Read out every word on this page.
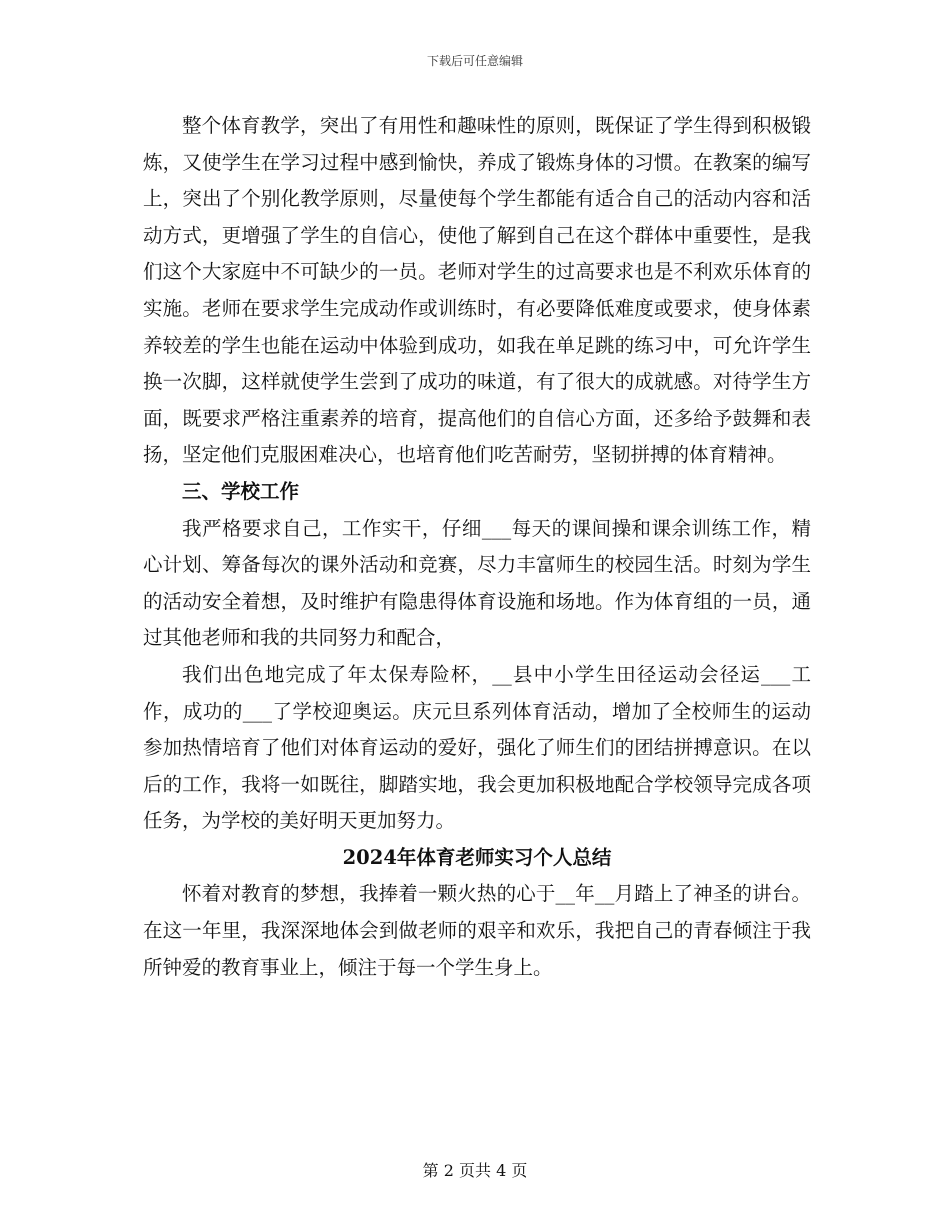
下载后可任意编辑

整个体育教学，突出了有用性和趣味性的原则，既保证了学生得到积极锻炼，又使学生在学习过程中感到愉快，养成了锻炼身体的习惯。在教案的编写上，突出了个别化教学原则，尽量使每个学生都能有适合自己的活动内容和活动方式，更增强了学生的自信心，使他了解到自己在这个群体中重要性，是我们这个大家庭中不可缺少的一员。老师对学生的过高要求也是不利欢乐体育的实施。老师在要求学生完成动作或训练时，有必要降低难度或要求，使身体素养较差的学生也能在运动中体验到成功，如我在单足跳的练习中，可允许学生换一次脚，这样就使学生尝到了成功的味道，有了很大的成就感。对待学生方面，既要求严格注重素养的培育，提高他们的自信心方面，还多给予鼓舞和表扬，坚定他们克服困难决心，也培育他们吃苦耐劳，坚韧拼搏的体育精神。

三、学校工作

我严格要求自己，工作实干，仔细___每天的课间操和课余训练工作，精心计划、筹备每次的课外活动和竞赛，尽力丰富师生的校园生活。时刻为学生的活动安全着想，及时维护有隐患得体育设施和场地。作为体育组的一员，通过其他老师和我的共同努力和配合，

我们出色地完成了年太保寿险杯，__县中小学生田径运动会径运___工作，成功的___了学校迎奥运。庆元旦系列体育活动，增加了全校师生的运动参加热情培育了他们对体育运动的爱好，强化了师生们的团结拼搏意识。在以后的工作，我将一如既往，脚踏实地，我会更加积极地配合学校领导完成各项任务，为学校的美好明天更加努力。

2024年体育老师实习个人总结

怀着对教育的梦想，我捧着一颗火热的心于__年__月踏上了神圣的讲台。在这一年里，我深深地体会到做老师的艰辛和欢乐，我把自己的青春倾注于我所钟爱的教育事业上，倾注于每一个学生身上。

第 2 页共 4 页
